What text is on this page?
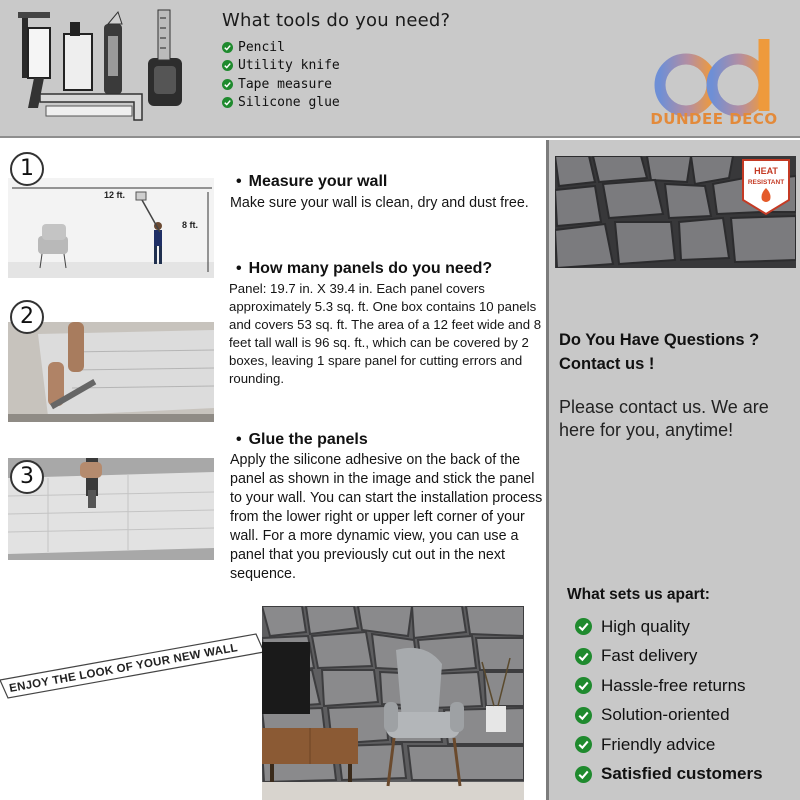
What tools do you need?
Pencil
Utility knife
Tape measure
Silicone glue
DUNDEE DECO
1
12 ft.
8 ft.
• Measure your wall
Make sure your wall is clean, dry and dust free.
2
• How many panels do you need?
Panel: 19.7 in. X 39.4 in. Each panel covers approximately 5.3 sq. ft. One box contains 10 panels and covers 53 sq. ft. The area of a 12 feet wide and 8 feet tall wall is 96 sq. ft., which can be covered by 2 boxes, leaving 1 spare panel for cutting errors and rounding.
3
• Glue the panels
Apply the silicone adhesive on the back of the panel as shown in the image and stick the panel to your wall. You can start the installation process from the lower right or upper left corner of your wall. For a more dynamic view, you can use a panel that you previously cut out in the next sequence.
ENJOY THE LOOK OF YOUR NEW WALL
HEAT
RESISTANT
Do You Have Questions ?
Contact us !
Please contact us. We are here for you, anytime!
What sets us apart:
High quality
Fast delivery
Hassle-free returns
Solution-oriented
Friendly advice
Satisfied customers
